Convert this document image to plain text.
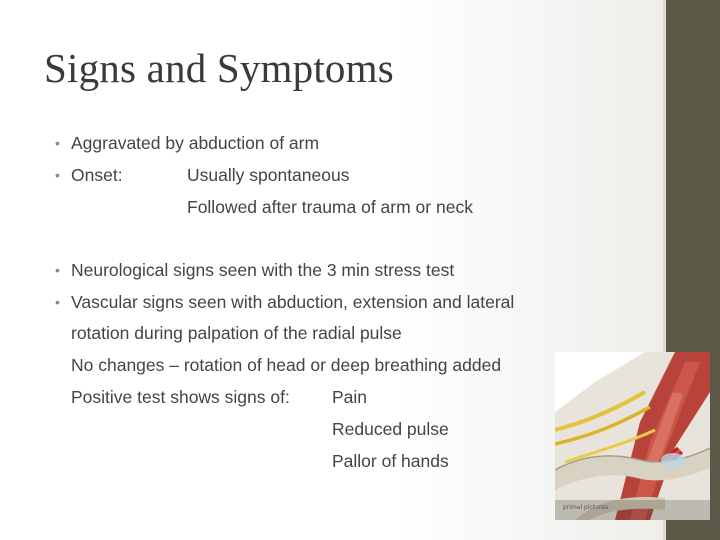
Signs and Symptoms
• Aggravated by abduction of arm
• Onset:	Usually spontaneous
Followed after trauma of arm or neck
• Neurological signs seen with the 3 min stress test
• Vascular signs seen with abduction, extension and lateral
rotation during palpation of the radial pulse
No changes – rotation of head or deep breathing added
Positive test shows signs of: Pain
Reduced pulse
Pallor of hands
primal pictures
